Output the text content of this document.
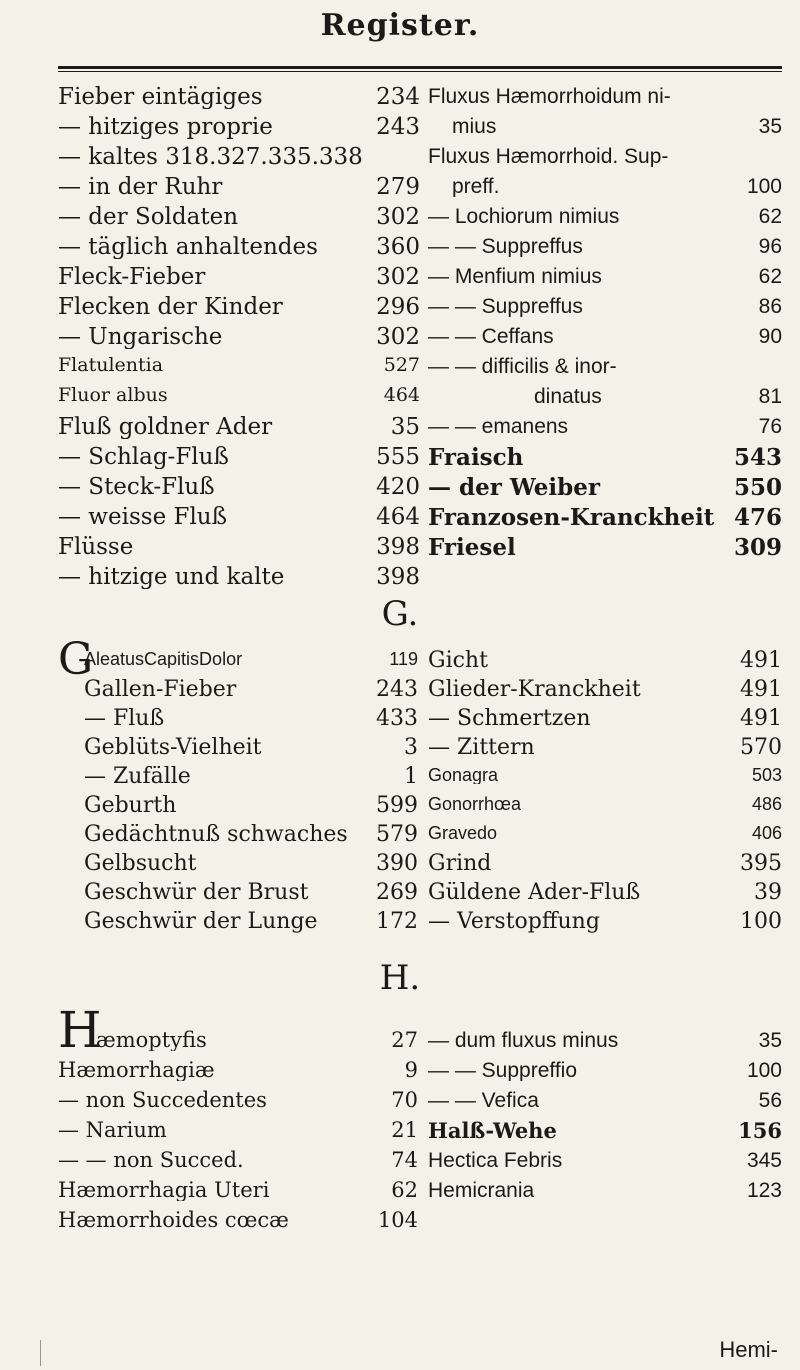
Register.
Fieber eintägiges	234
— hitziges proprie	243
— kaltes 318.327.335.338
— in der Ruhr	279
— der Soldaten	302
— täglich anhaltendes	360
Fleck-Fieber	302
Flecken der Kinder	296
— Ungarische	302
Flatulentia	527
Fluor albus	464
Fluß goldner Ader	35
— Schlag-Fluß	555
— Steck-Fluß	420
— weisse Fluß	464
Flüsse	398
— hitzige und kalte	398
Fluxus Hæmorrhoidum ni-
mius	35
Fluxus Hæmorrhoid. Sup-
preff.	100
— Lochiorum nimius	62
— — Suppreffus	96
— Menfium nimius	62
— — Suppreffus	86
— — Ceffans	90
— — difficilis & inor-
dinatus	81
— — emanens	76
Fraisch	543
— der Weiber	550
Franzosen-Kranckheit 476
Friesel	309
G.
G
AleatusCapitisDolor	119
Gallen-Fieber	243
— Fluß	433
Geblüts-Vielheit	3
— Zufälle	1
Geburth	599
Gedächtnuß schwaches	579
Gelbsucht	390
Geschwür der Brust	269
Geschwür der Lunge	172
Gicht	491
Glieder-Kranckheit	491
— Schmertzen	491
— Zittern	570
Gonagra	503
Gonorrhœa	486
Gravedo	406
Grind	395
Güldene Ader-Fluß	39
— Verstopffung	100
H.
H
æmoptyfis	27
Hæmorrhagiæ	9
— non Succedentes	70
— Narium	21
— — non Succed.	74
Hæmorrhagia Uteri	62
Hæmorrhoides cœcæ	104
— dum fluxus minus	35
— — Suppreffio	100
— — Vefica	56
Halß-Wehe	156
Hectica Febris	345
Hemicrania	123
Hemi-
